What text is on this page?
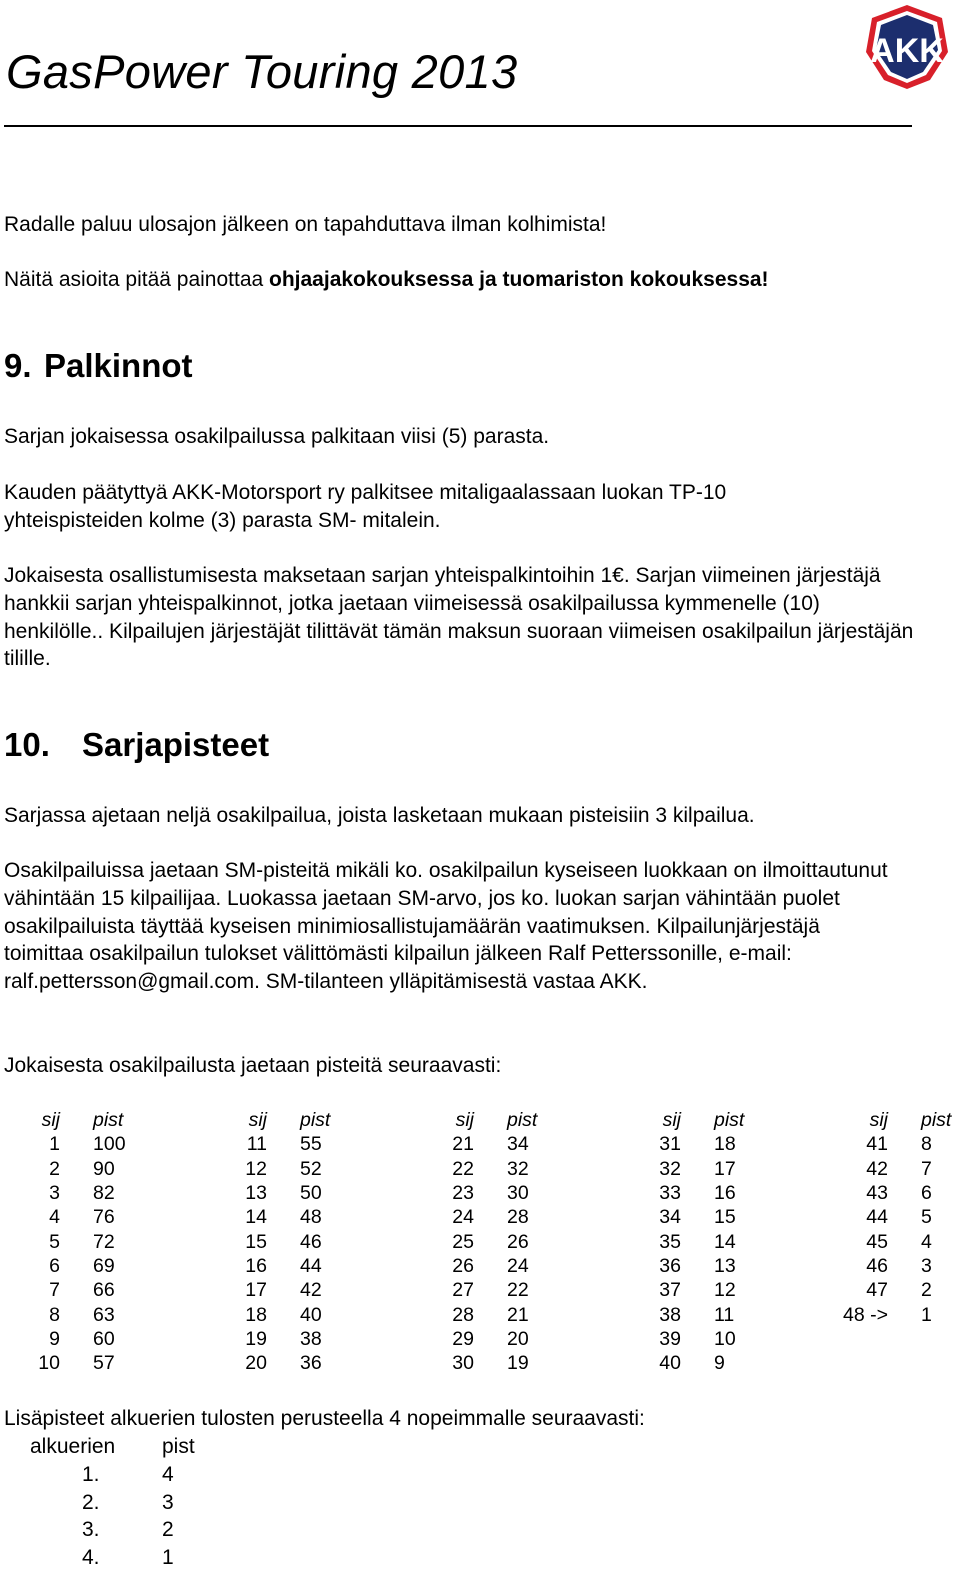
GasPower Touring 2013	AKK

Radalle paluu ulosajon jälkeen on tapahduttava ilman kolhimista!

Näitä asioita pitää painottaa ohjaajakokouksessa ja tuomariston kokouksessa!

9. Palkinnot

Sarjan jokaisessa osakilpailussa palkitaan viisi (5) parasta.

Kauden päätyttyä AKK-Motorsport ry palkitsee mitaligaalassaan luokan TP-10 yhteispisteiden kolme (3) parasta SM- mitalein.

Jokaisesta osallistumisesta maksetaan sarjan yhteispalkintoihin 1€. Sarjan viimeinen järjestäjä hankkii sarjan yhteispalkinnot, jotka jaetaan viimeisessä osakilpailussa kymmenelle (10) henkilölle.. Kilpailujen järjestäjät tilittävät tämän maksun suoraan viimeisen osakilpailun järjestäjän tilille.

10. Sarjapisteet

Sarjassa ajetaan neljä osakilpailua, joista lasketaan mukaan pisteisiin 3 kilpailua.

Osakilpailuissa jaetaan SM-pisteitä mikäli ko. osakilpailun kyseiseen luokkaan on ilmoittautunut vähintään 15 kilpailijaa. Luokassa jaetaan SM-arvo, jos ko. luokan sarjan vähintään puolet osakilpailuista täyttää kyseisen minimiosallistujamäärän vaatimuksen. Kilpailunjärjestäjä toimittaa osakilpailun tulokset välittömästi kilpailun jälkeen Ralf Petterssonille, e-mail: ralf.pettersson@gmail.com. SM-tilanteen ylläpitämisestä vastaa AKK.

Jokaisesta osakilpailusta jaetaan pisteitä seuraavasti:

sij pist
1 100
2 90
3 82
4 76
5 72
6 69
7 66
8 63
9 60
10 57
sij pist
11 55
12 52
13 50
14 48
15 46
16 44
17 42
18 40
19 38
20 36
sij pist
21 34
22 32
23 30
24 28
25 26
26 24
27 22
28 21
29 20
30 19
sij pist
31 18
32 17
33 16
34 15
35 14
36 13
37 12
38 11
39 10
40 9
sij pist
41 8
42 7
43 6
44 5
45 4
46 3
47 2
48 -> 1

Lisäpisteet alkuerien tulosten perusteella 4 nopeimmalle seuraavasti:

alkuerien pist
1.	4
2.	3
3.	2
4.	1
